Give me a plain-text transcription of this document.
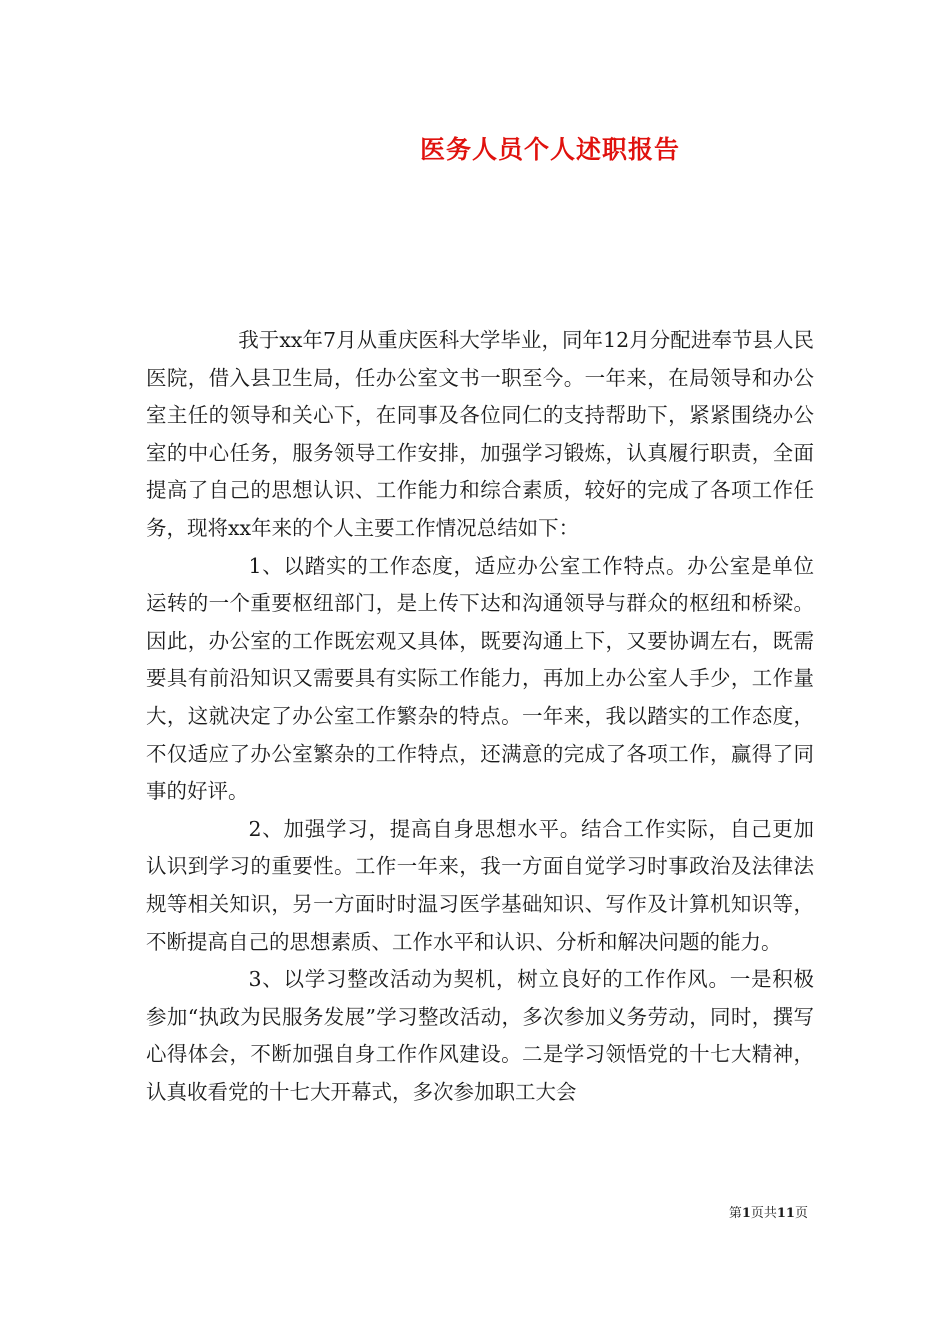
医务人员个人述职报告

我于xx年7月从重庆医科大学毕业，同年12月分配进奉节县人民医院，借入县卫生局，任办公室文书一职至今。一年来，在局领导和办公室主任的领导和关心下，在同事及各位同仁的支持帮助下，紧紧围绕办公室的中心任务，服务领导工作安排，加强学习锻炼，认真履行职责，全面提高了自己的思想认识、工作能力和综合素质，较好的完成了各项工作任务，现将xx年来的个人主要工作情况总结如下：

1、以踏实的工作态度，适应办公室工作特点。办公室是单位运转的一个重要枢纽部门，是上传下达和沟通领导与群众的枢纽和桥梁。因此，办公室的工作既宏观又具体，既要沟通上下，又要协调左右，既需要具有前沿知识又需要具有实际工作能力，再加上办公室人手少，工作量大，这就决定了办公室工作繁杂的特点。一年来，我以踏实的工作态度，不仅适应了办公室繁杂的工作特点，还满意的完成了各项工作，赢得了同事的好评。

2、加强学习，提高自身思想水平。结合工作实际，自己更加认识到学习的重要性。工作一年来，我一方面自觉学习时事政治及法律法规等相关知识，另一方面时时温习医学基础知识、写作及计算机知识等，不断提高自己的思想素质、工作水平和认识、分析和解决问题的能力。

3、以学习整改活动为契机，树立良好的工作作风。一是积极参加“执政为民服务发展”学习整改活动，多次参加义务劳动，同时，撰写心得体会，不断加强自身工作作风建设。二是学习领悟党的十七大精神，认真收看党的十七大开幕式，多次参加职工大会

第1页共11页
